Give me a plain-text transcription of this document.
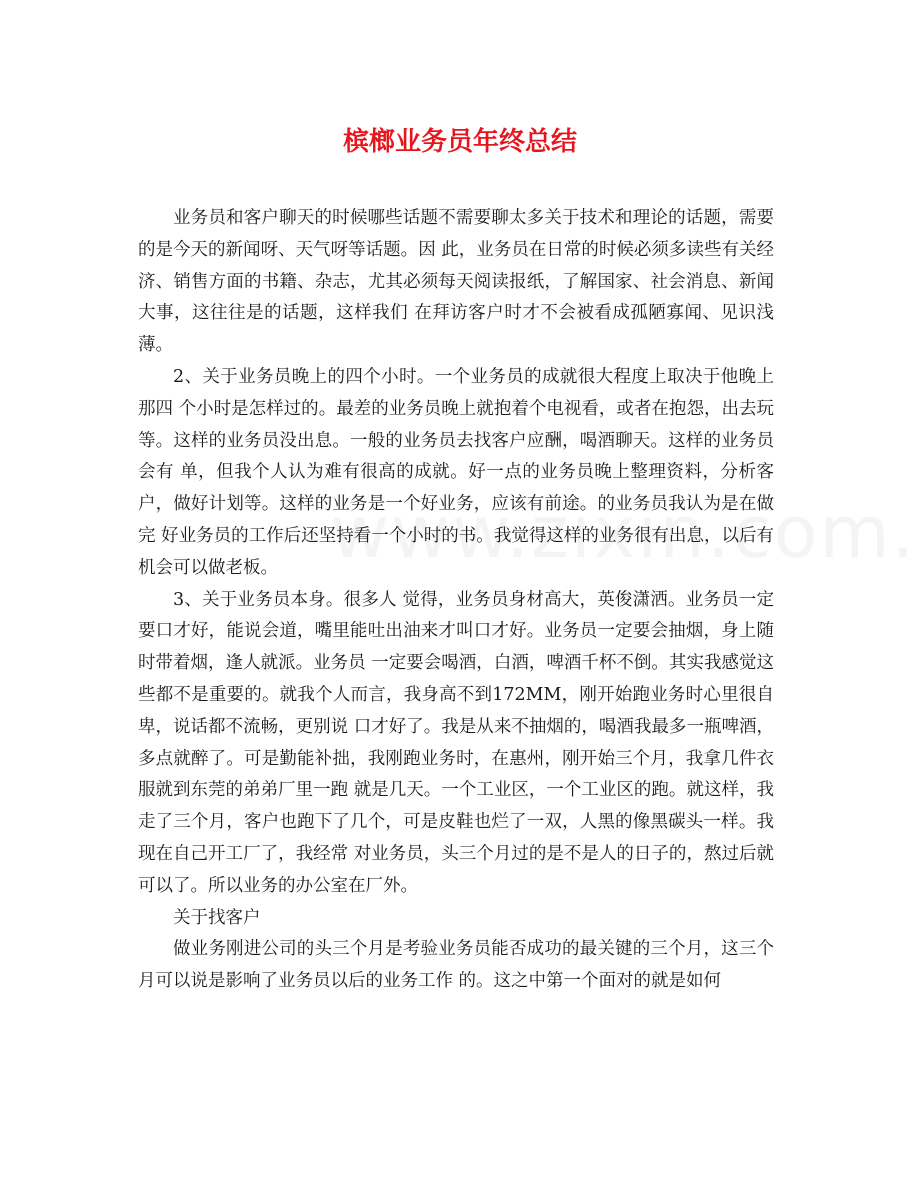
槟榔业务员年终总结

业务员和客户聊天的时候哪些话题不需要聊太多关于技术和理论的话题，需要的是今天的新闻呀、天气呀等话题。因 此，业务员在日常的时候必须多读些有关经济、销售方面的书籍、杂志，尤其必须每天阅读报纸，了解国家、社会消息、新闻大事，这往往是的话题，这样我们 在拜访客户时才不会被看成孤陋寡闻、见识浅薄。

2、关于业务员晚上的四个小时。一个业务员的成就很大程度上取决于他晚上那四 个小时是怎样过的。最差的业务员晚上就抱着个电视看，或者在抱怨，出去玩等。这样的业务员没出息。一般的业务员去找客户应酬，喝酒聊天。这样的业务员会有 单，但我个人认为难有很高的成就。好一点的业务员晚上整理资料，分析客户，做好计划等。这样的业务是一个好业务，应该有前途。的业务员我认为是在做完 好业务员的工作后还坚持看一个小时的书。我觉得这样的业务很有出息，以后有机会可以做老板。

3、关于业务员本身。很多人 觉得，业务员身材高大，英俊潇洒。业务员一定要口才好，能说会道，嘴里能吐出油来才叫口才好。业务员一定要会抽烟，身上随时带着烟，逢人就派。业务员 一定要会喝酒，白酒，啤酒千杯不倒。其实我感觉这些都不是重要的。就我个人而言，我身高不到172MM，刚开始跑业务时心里很自卑，说话都不流畅，更别说 口才好了。我是从来不抽烟的，喝酒我最多一瓶啤酒，多点就醉了。可是勤能补拙，我刚跑业务时，在惠州，刚开始三个月，我拿几件衣服就到东莞的弟弟厂里一跑 就是几天。一个工业区，一个工业区的跑。就这样，我走了三个月，客户也跑下了几个，可是皮鞋也烂了一双，人黑的像黑碳头一样。我现在自己开工厂了，我经常 对业务员，头三个月过的是不是人的日子的，熬过后就可以了。所以业务的办公室在厂外。

关于找客户

做业务刚进公司的头三个月是考验业务员能否成功的最关键的三个月，这三个月可以说是影响了业务员以后的业务工作 的。这之中第一个面对的就是如何
